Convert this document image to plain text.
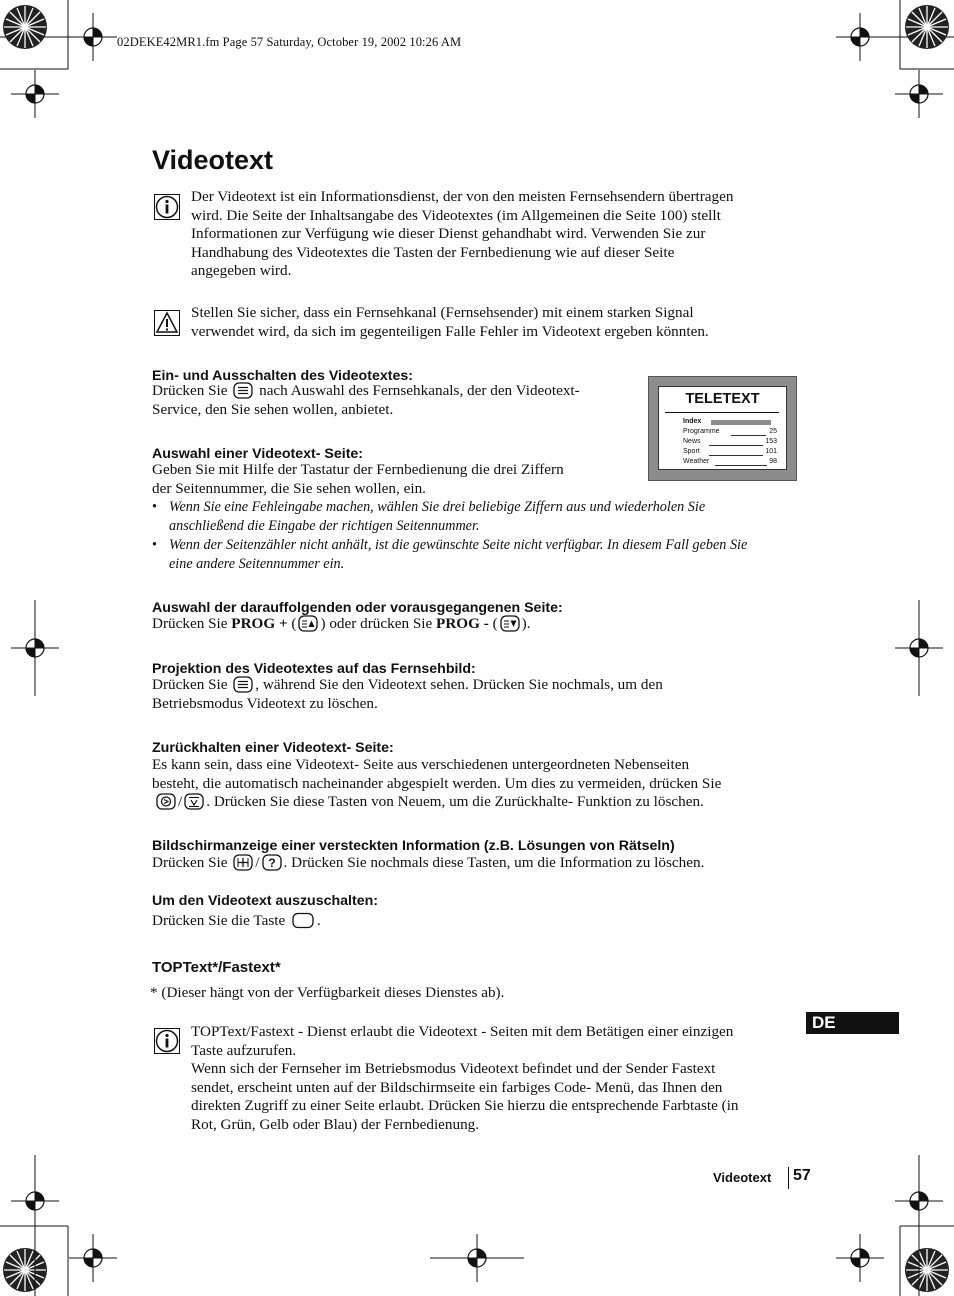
02DEKE42MR1.fm Page 57 Saturday, October 19, 2002 10:26 AM
Videotext
Der Videotext ist ein Informationsdienst, der von den meisten Fernsehsendern übertragen
wird. Die Seite der Inhaltsangabe des Videotextes (im Allgemeinen die Seite 100) stellt
Informationen zur Verfügung wie dieser Dienst gehandhabt wird. Verwenden Sie zur
Handhabung des Videotextes die Tasten der Fernbedienung wie auf dieser Seite
angegeben wird.
Stellen Sie sicher, dass ein Fernsehkanal (Fernsehsender) mit einem starken Signal
verwendet wird, da sich im gegenteiligen Falle Fehler im Videotext ergeben könnten.
Ein- und Ausschalten des Videotextes:
Drücken Sie nach Auswahl des Fernsehkanals, der den Videotext-
Service, den Sie sehen wollen, anbietet.
TELETEXT
Index
Programme	25
News	153
Sport	101
Weather	98
Auswahl einer Videotext- Seite:
Geben Sie mit Hilfe der Tastatur der Fernbedienung die drei Ziffern
der Seitennummer, die Sie sehen wollen, ein.
• Wenn Sie eine Fehleingabe machen, wählen Sie drei beliebige Ziffern aus und wiederholen Sie
anschließend die Eingabe der richtigen Seitennummer.
• Wenn der Seitenzähler nicht anhält, ist die gewünschte Seite nicht verfügbar. In diesem Fall geben Sie
eine andere Seitennummer ein.
Auswahl der darauffolgenden oder vorausgegangenen Seite:
Drücken Sie PROG + ( ) oder drücken Sie PROG - ( ).
Projektion des Videotextes auf das Fernsehbild:
Drücken Sie , während Sie den Videotext sehen. Drücken Sie nochmals, um den
Betriebsmodus Videotext zu löschen.
Zurückhalten einer Videotext- Seite:
Es kann sein, dass eine Videotext- Seite aus verschiedenen untergeordneten Nebenseiten
besteht, die automatisch nacheinander abgespielt werden. Um dies zu vermeiden, drücken Sie
/ . Drücken Sie diese Tasten von Neuem, um die Zurückhalte- Funktion zu löschen.
Bildschirmanzeige einer versteckten Information (z.B. Lösungen von Rätseln)
Drücken Sie / ? . Drücken Sie nochmals diese Tasten, um die Information zu löschen.
Um den Videotext auszuschalten:
Drücken Sie die Taste .
TOPText*/Fastext*
* (Dieser hängt von der Verfügbarkeit dieses Dienstes ab).
TOPText/Fastext - Dienst erlaubt die Videotext - Seiten mit dem Betätigen einer einzigen
Taste aufzurufen.
Wenn sich der Fernseher im Betriebsmodus Videotext befindet und der Sender Fastext
sendet, erscheint unten auf der Bildschirmseite ein farbiges Code- Menü, das Ihnen den
direkten Zugriff zu einer Seite erlaubt. Drücken Sie hierzu die entsprechende Farbtaste (in
Rot, Grün, Gelb oder Blau) der Fernbedienung.
DE
Videotext 57
